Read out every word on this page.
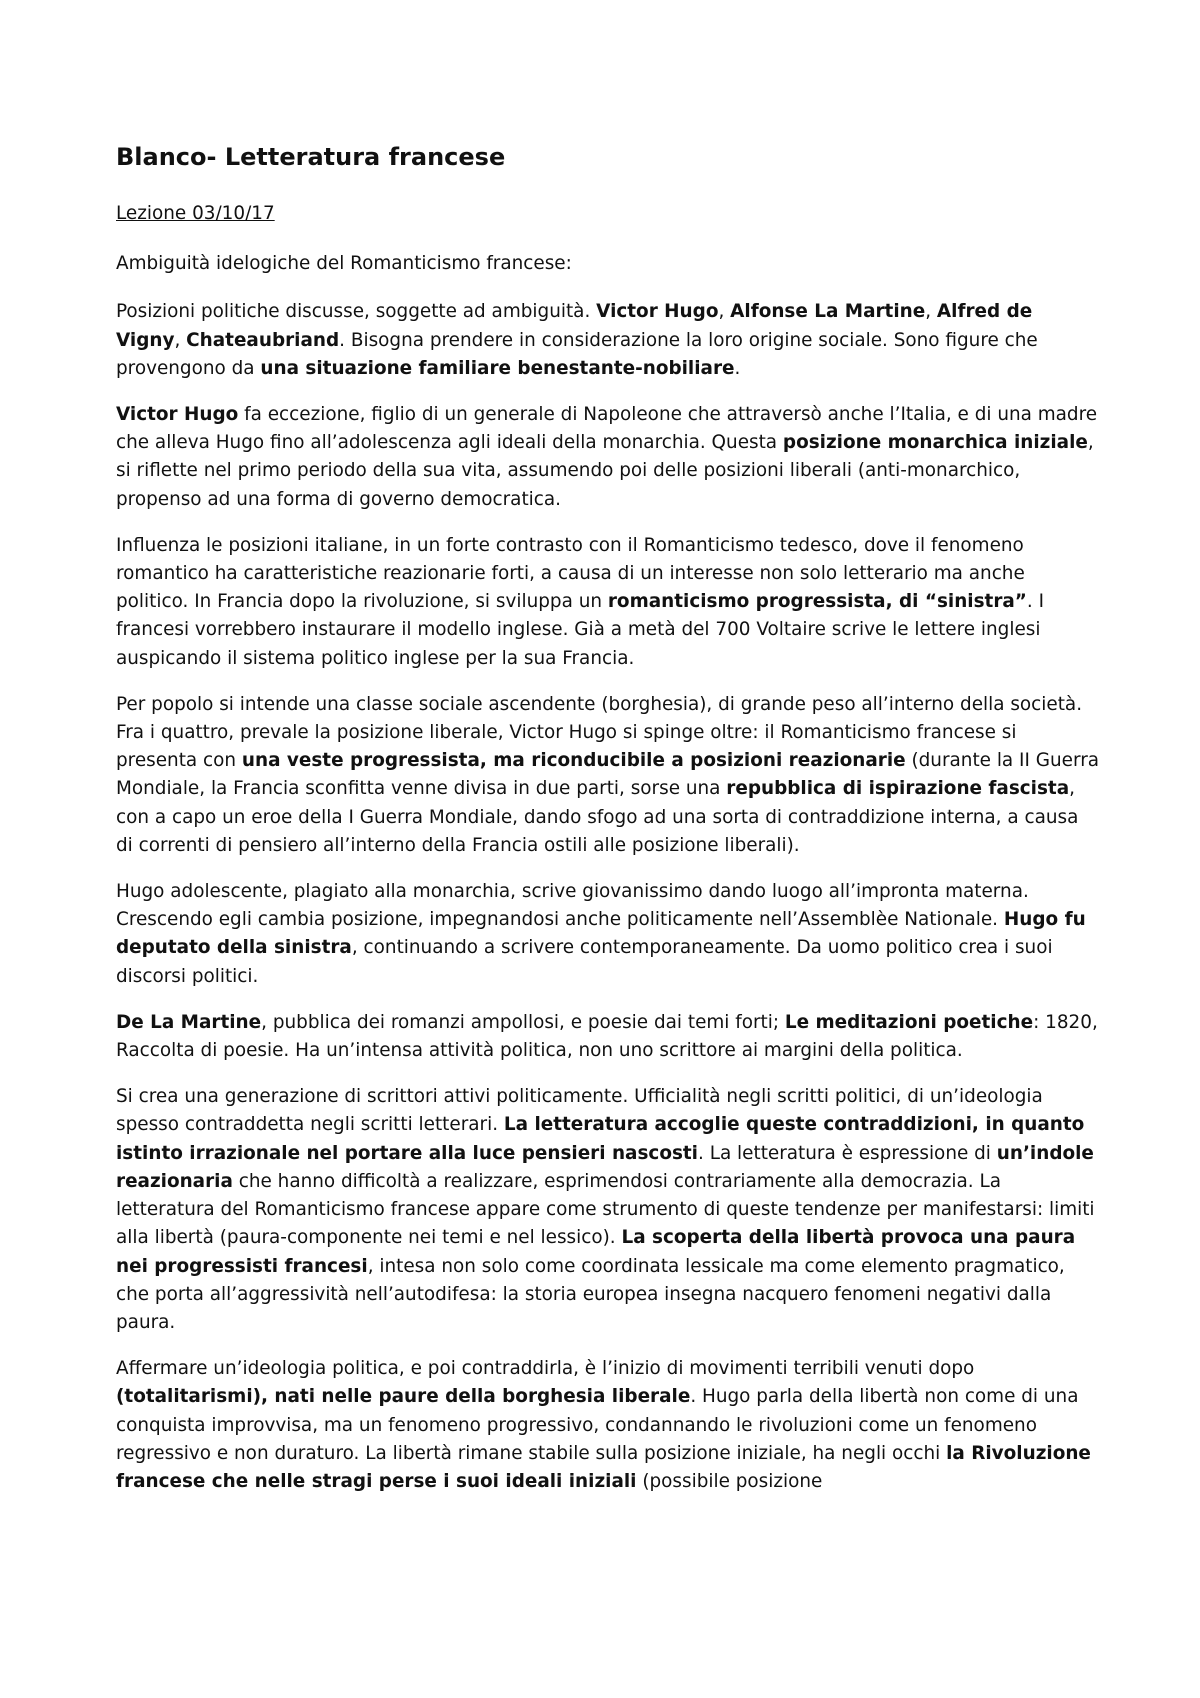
Blanco- Letteratura francese
Lezione 03/10/17
Ambiguità idelogiche del Romanticismo francese:

Posizioni politiche discusse, soggette ad ambiguità. Victor Hugo, Alfonse La Martine, Alfred de Vigny, Chateaubriand. Bisogna prendere in considerazione la loro origine sociale. Sono figure che provengono da una situazione familiare benestante-nobiliare.

Victor Hugo fa eccezione, figlio di un generale di Napoleone che attraversò anche l’Italia, e di una madre che alleva Hugo fino all’adolescenza agli ideali della monarchia. Questa posizione monarchica iniziale, si riflette nel primo periodo della sua vita, assumendo poi delle posizioni liberali (anti-monarchico, propenso ad una forma di governo democratica.

Influenza le posizioni italiane, in un forte contrasto con il Romanticismo tedesco, dove il fenomeno romantico ha caratteristiche reazionarie forti, a causa di un interesse non solo letterario ma anche politico. In Francia dopo la rivoluzione, si sviluppa un romanticismo progressista, di “sinistra”. I francesi vorrebbero instaurare il modello inglese. Già a metà del 700 Voltaire scrive le lettere inglesi auspicando il sistema politico inglese per la sua Francia.

Per popolo si intende una classe sociale ascendente (borghesia), di grande peso all’interno della società. Fra i quattro, prevale la posizione liberale, Victor Hugo si spinge oltre: il Romanticismo francese si presenta con una veste progressista, ma riconducibile a posizioni reazionarie (durante la II Guerra Mondiale, la Francia sconfitta venne divisa in due parti, sorse una repubblica di ispirazione fascista, con a capo un eroe della I Guerra Mondiale, dando sfogo ad una sorta di contraddizione interna, a causa di correnti di pensiero all’interno della Francia ostili alle posizione liberali).

Hugo adolescente, plagiato alla monarchia, scrive giovanissimo dando luogo all’impronta materna. Crescendo egli cambia posizione, impegnandosi anche politicamente nell’Assemblèe Nationale. Hugo fu deputato della sinistra, continuando a scrivere contemporaneamente. Da uomo politico crea i suoi discorsi politici.

De La Martine, pubblica dei romanzi ampollosi, e poesie dai temi forti; Le meditazioni poetiche: 1820, Raccolta di poesie. Ha un’intensa attività politica, non uno scrittore ai margini della politica.

Si crea una generazione di scrittori attivi politicamente. Ufficialità negli scritti politici, di un’ideologia spesso contraddetta negli scritti letterari. La letteratura accoglie queste contraddizioni, in quanto istinto irrazionale nel portare alla luce pensieri nascosti. La letteratura è espressione di un’indole reazionaria che hanno difficoltà a realizzare, esprimendosi contrariamente alla democrazia. La letteratura del Romanticismo francese appare come strumento di queste tendenze per manifestarsi: limiti alla libertà (paura-componente nei temi e nel lessico). La scoperta della libertà provoca una paura nei progressisti francesi, intesa non solo come coordinata lessicale ma come elemento pragmatico, che porta all’aggressività nell’autodifesa: la storia europea insegna nacquero fenomeni negativi dalla paura.

Affermare un’ideologia politica, e poi contraddirla, è l’inizio di movimenti terribili venuti dopo (totalitarismi), nati nelle paure della borghesia liberale. Hugo parla della libertà non come di una conquista improvvisa, ma un fenomeno progressivo, condannando le rivoluzioni come un fenomeno regressivo e non duraturo. La libertà rimane stabile sulla posizione iniziale, ha negli occhi la Rivoluzione francese che nelle stragi perse i suoi ideali iniziali (possibile posizione
